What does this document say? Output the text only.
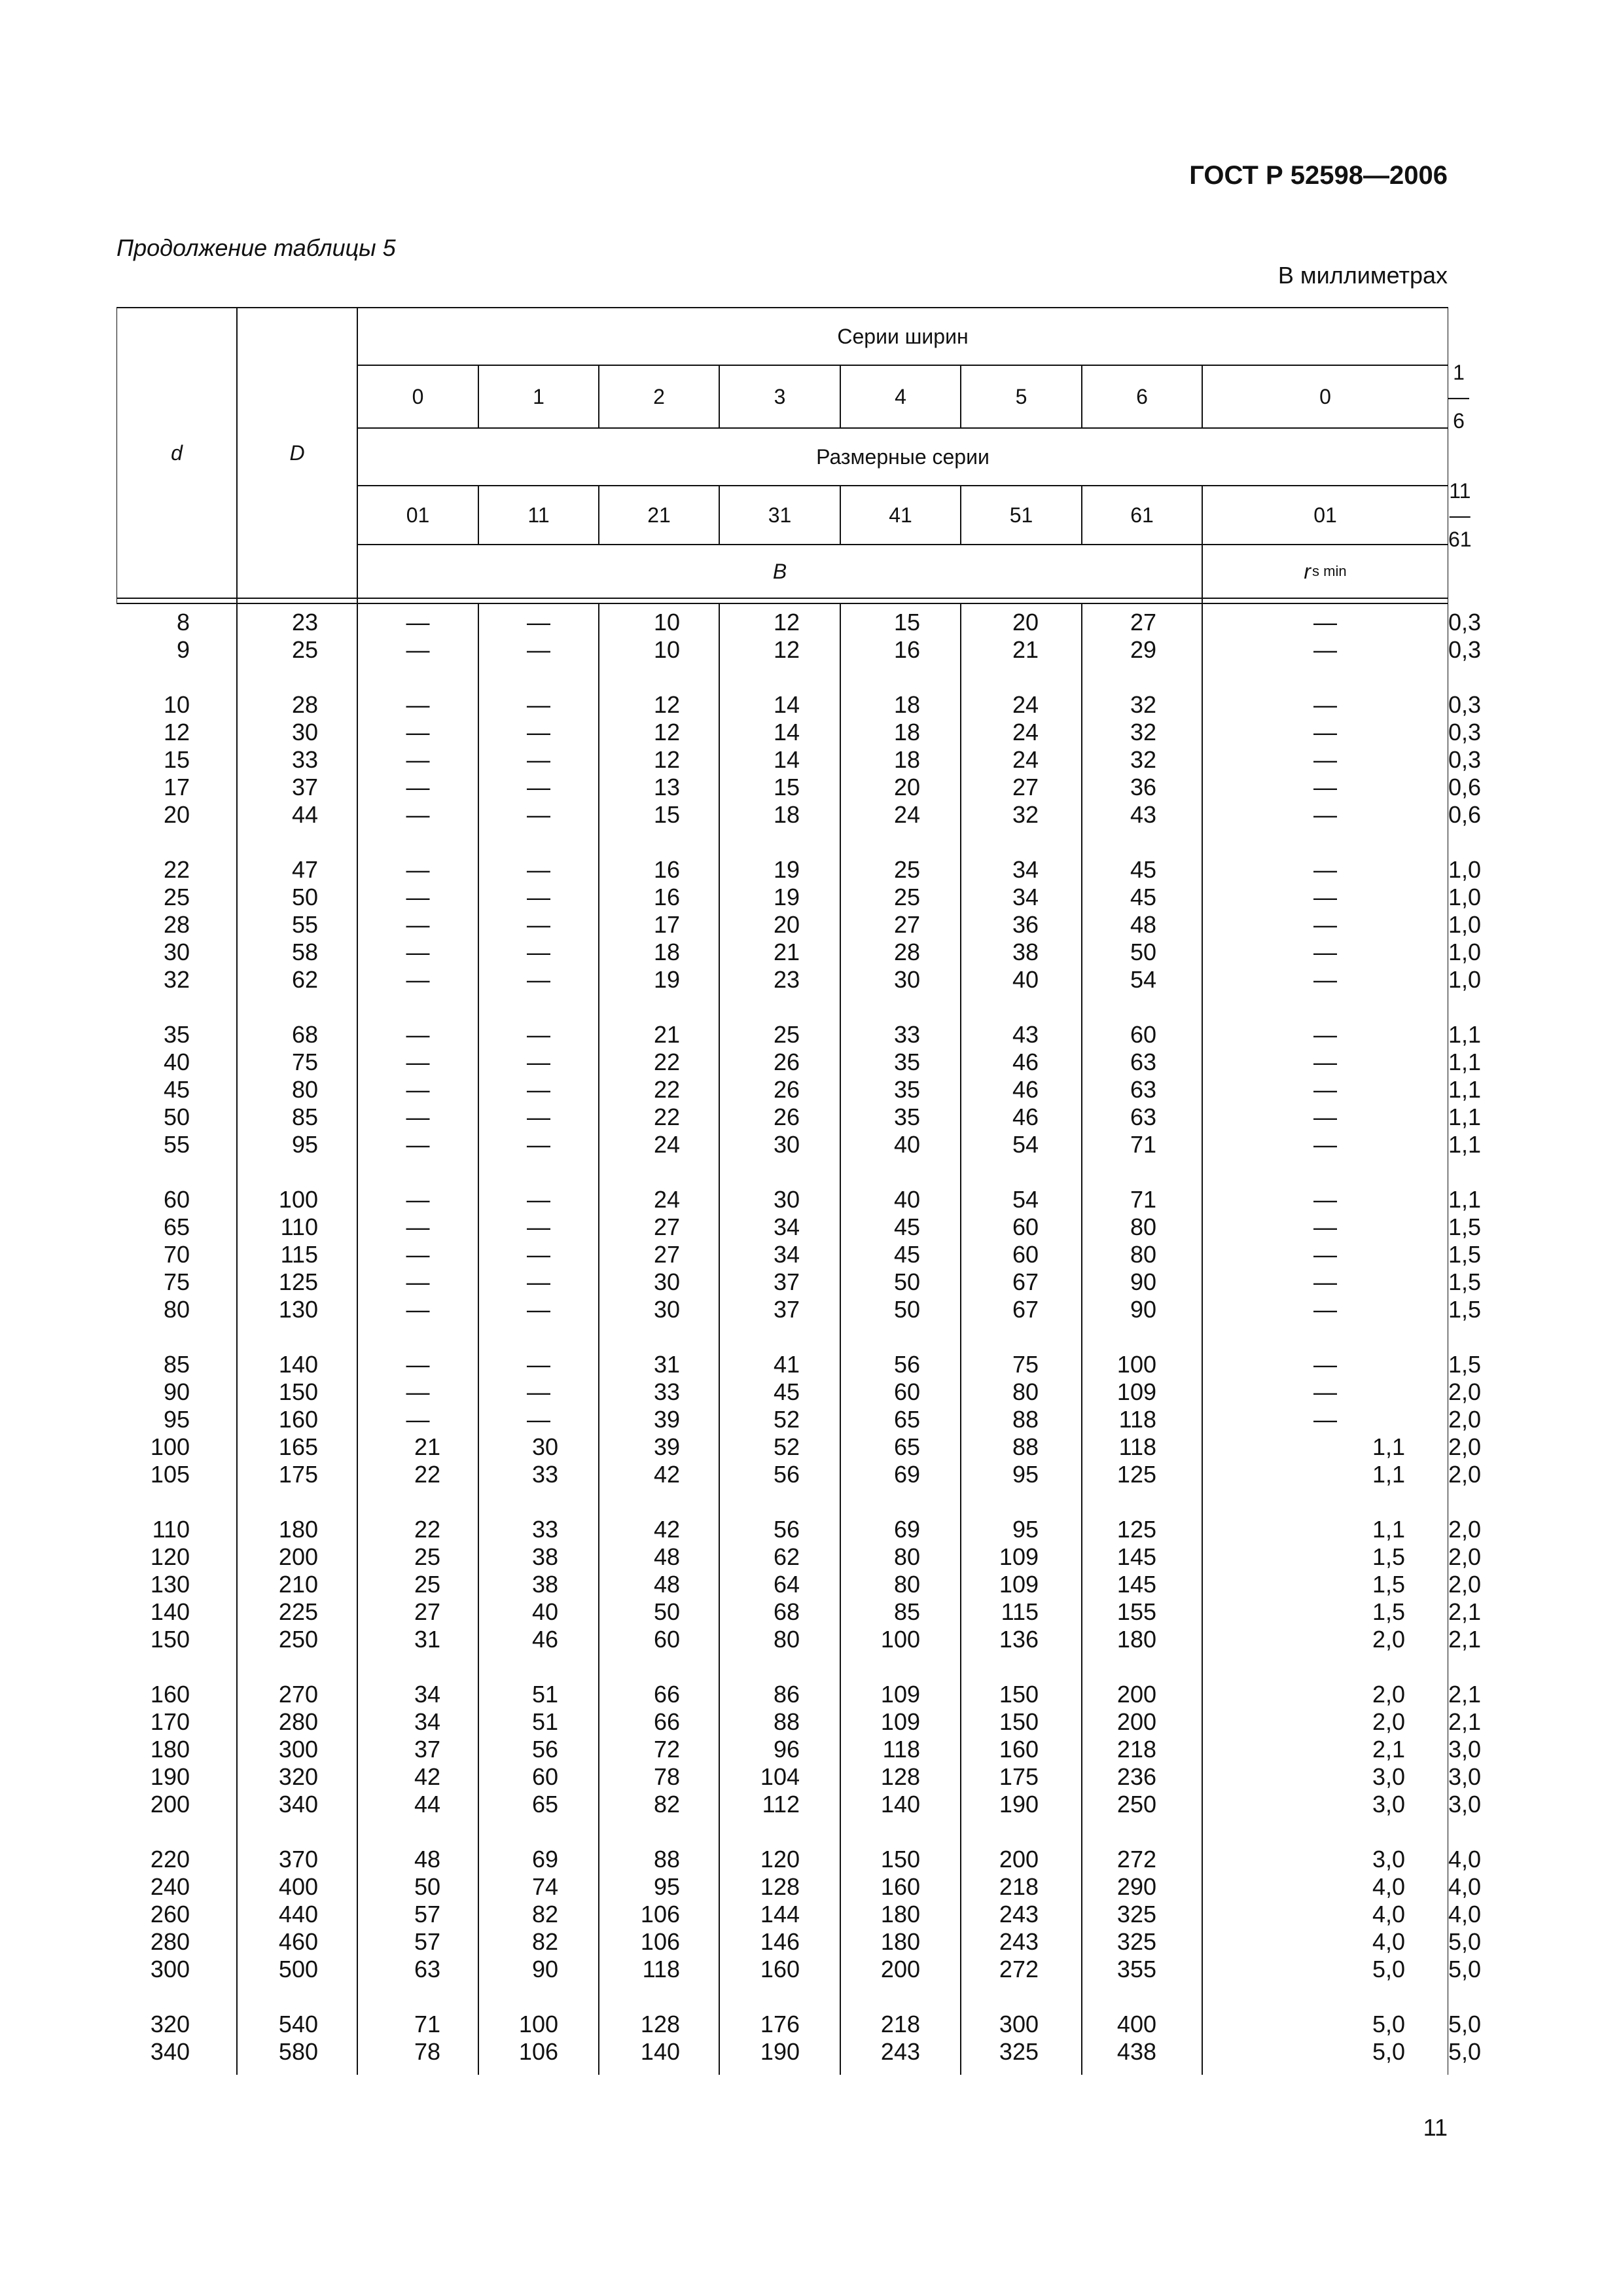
ГОСТ Р 52598—2006
Продолжение таблицы 5
В миллиметрах
d	D
Серии ширин
0	1	2	3	4	5	6	0
1 — 6
Размерные серии
01	11	21	31	41	51	61	01
11 — 61
B	r s min
8	23	—	—	10	12	15	20	27	—	0,3
9	25	—	—	10	12	16	21	29	—	0,3
10	28	—	—	12	14	18	24	32	—	0,3
12	30	—	—	12	14	18	24	32	—	0,3
15	33	—	—	12	14	18	24	32	—	0,3
17	37	—	—	13	15	20	27	36	—	0,6
20	44	—	—	15	18	24	32	43	—	0,6
22	47	—	—	16	19	25	34	45	—	1,0
25	50	—	—	16	19	25	34	45	—	1,0
28	55	—	—	17	20	27	36	48	—	1,0
30	58	—	—	18	21	28	38	50	—	1,0
32	62	—	—	19	23	30	40	54	—	1,0
35	68	—	—	21	25	33	43	60	—	1,1
40	75	—	—	22	26	35	46	63	—	1,1
45	80	—	—	22	26	35	46	63	—	1,1
50	85	—	—	22	26	35	46	63	—	1,1
55	95	—	—	24	30	40	54	71	—	1,1
60	100	—	—	24	30	40	54	71	—	1,1
65	110	—	—	27	34	45	60	80	—	1,5
70	115	—	—	27	34	45	60	80	—	1,5
75	125	—	—	30	37	50	67	90	—	1,5
80	130	—	—	30	37	50	67	90	—	1,5
85	140	—	—	31	41	56	75	100	—	1,5
90	150	—	—	33	45	60	80	109	—	2,0
95	160	—	—	39	52	65	88	118	—	2,0
100	165	21	30	39	52	65	88	118	1,1	2,0
105	175	22	33	42	56	69	95	125	1,1	2,0
110	180	22	33	42	56	69	95	125	1,1	2,0
120	200	25	38	48	62	80	109	145	1,5	2,0
130	210	25	38	48	64	80	109	145	1,5	2,0
140	225	27	40	50	68	85	115	155	1,5	2,1
150	250	31	46	60	80	100	136	180	2,0	2,1
160	270	34	51	66	86	109	150	200	2,0	2,1
170	280	34	51	66	88	109	150	200	2,0	2,1
180	300	37	56	72	96	118	160	218	2,1	3,0
190	320	42	60	78	104	128	175	236	3,0	3,0
200	340	44	65	82	112	140	190	250	3,0	3,0
220	370	48	69	88	120	150	200	272	3,0	4,0
240	400	50	74	95	128	160	218	290	4,0	4,0
260	440	57	82	106	144	180	243	325	4,0	4,0
280	460	57	82	106	146	180	243	325	4,0	5,0
300	500	63	90	118	160	200	272	355	5,0	5,0
320	540	71	100	128	176	218	300	400	5,0	5,0
340	580	78	106	140	190	243	325	438	5,0	5,0
11
